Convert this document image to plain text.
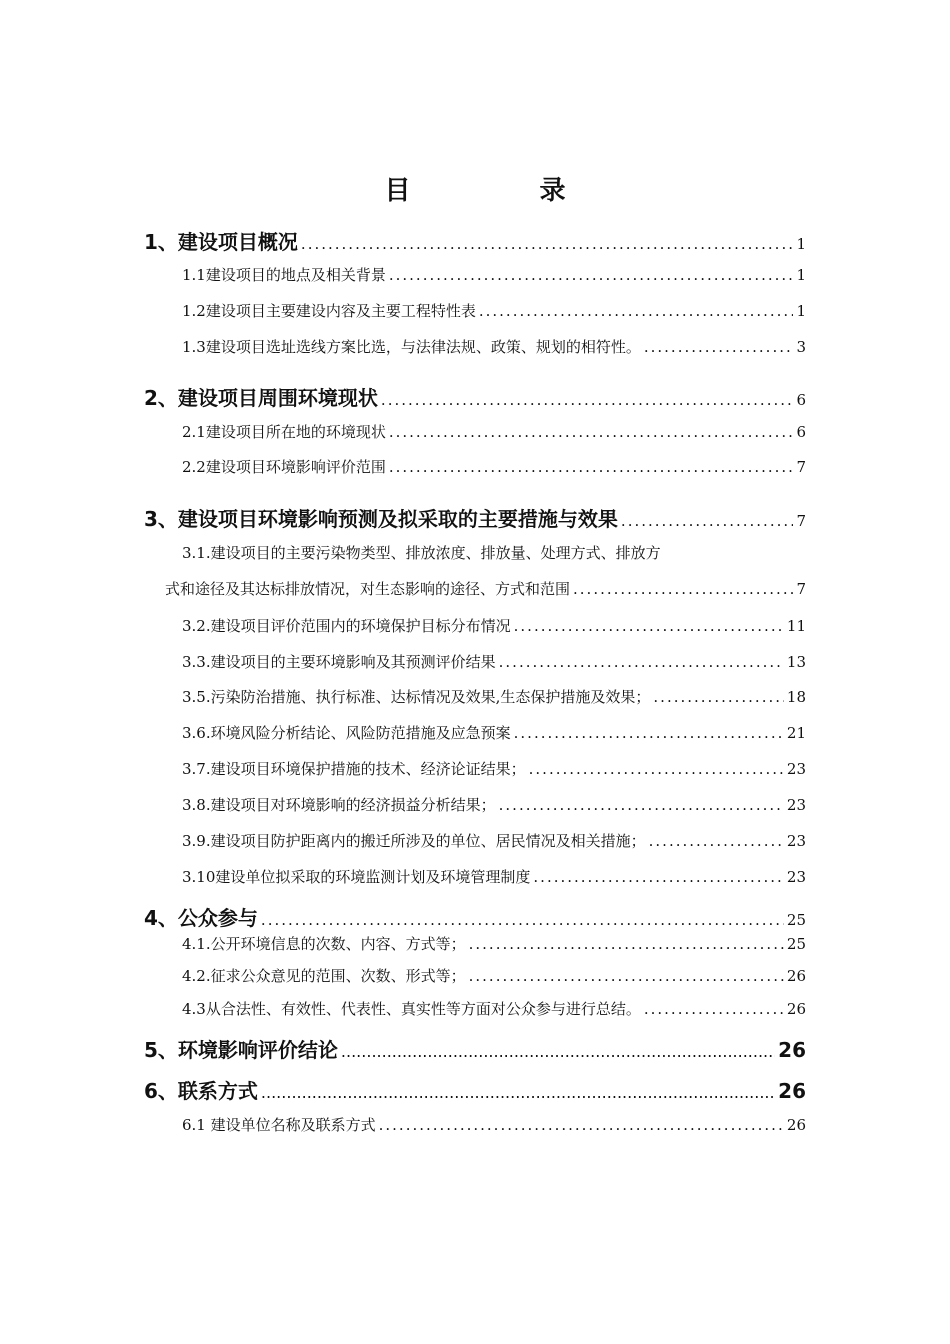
目 录
1、建设项目概况 .....	1
1.1建设项目的地点及相关背景 .....	1
1.2建设项目主要建设内容及主要工程特性表 .....	1
1.3建设项目选址选线方案比选，与法律法规、政策、规划的相符性。 .....	3
2、建设项目周围环境现状 .....	6
2.1建设项目所在地的环境现状 .....	6
2.2建设项目环境影响评价范围 .....	7
3、建设项目环境影响预测及拟采取的主要措施与效果 .....	7
3.1.建设项目的主要污染物类型、排放浓度、排放量、处理方式、排放方
式和途径及其达标排放情况，对生态影响的途径、方式和范围 .....	7
3.2.建设项目评价范围内的环境保护目标分布情况 .....	11
3.3.建设项目的主要环境影响及其预测评价结果 .....	13
3.5.污染防治措施、执行标准、达标情况及效果,生态保护措施及效果； .....	18
3.6.环境风险分析结论、风险防范措施及应急预案 .....	21
3.7.建设项目环境保护措施的技术、经济论证结果； .....	23
3.8.建设项目对环境影响的经济损益分析结果； .....	23
3.9.建设项目防护距离内的搬迁所涉及的单位、居民情况及相关措施； .....	23
3.10建设单位拟采取的环境监测计划及环境管理制度 .....	23
4、公众参与 .....	25
4.1.公开环境信息的次数、内容、方式等； .....	25
4.2.征求公众意见的范围、次数、形式等； .....	26
4.3从合法性、有效性、代表性、真实性等方面对公众参与进行总结。 .....	26
5、环境影响评价结论 .....	26
6、联系方式 .....	26
6.1 建设单位名称及联系方式 .....	26
